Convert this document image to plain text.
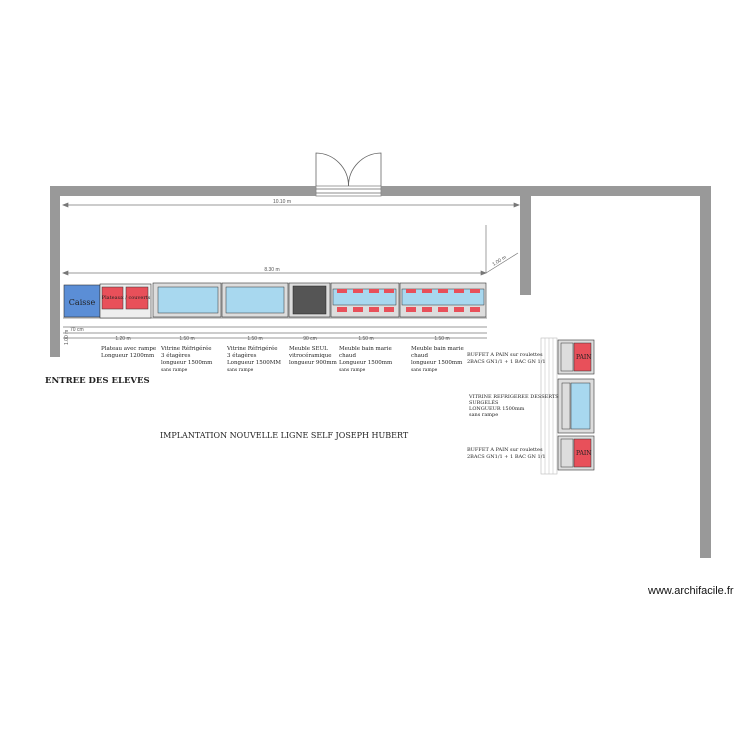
10.10 m
8.30 m
1.00 m
70 cm
1.00 m	1.20 m	1.50 m	1.50 m	90 cm	1.50 m	1.50 m
Caisse Plateaux / couverts
Plateau avec rampe
Longueur 1200mm
Vitrine Réfrigérée
3 étagères
longueur 1500mm
sans rampe
Vitrine Réfrigérée
3 étagères
Longueur 1500MM
sans rampe
Meuble SEUL
vitrocéramique
longueur 900mm
Meuble bain marie
chaud
Longueur 1500mm
sans rampe
Meuble bain marie
chaud
longueur 1500mm
sans rampe
ENTREE DES ELEVES
IMPLANTATION NOUVELLE LIGNE SELF JOSEPH HUBERT
PAIN
PAIN
BUFFET A PAIN sur roulettes
2BACS GN1/1 + 1 BAC GN 1/1
VITRINE REFRIGEREE DESSERTS
SURGELÉS
LONGUEUR 1500mm
sans rampe
BUFFET A PAIN sur roulettes
2BACS GN1/1 + 1 BAC GN 1/1
www.archifacile.fr
